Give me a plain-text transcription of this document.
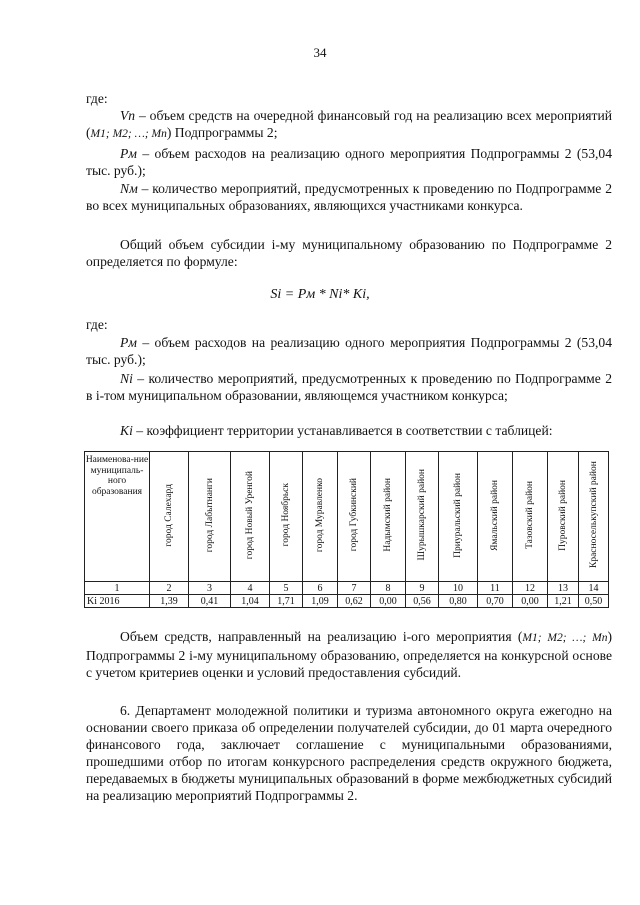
34

где:

Vn – объем средств на очередной финансовый год на реализацию всех мероприятий (M1; M2; …; Mn) Подпрограммы 2;

Pм – объем расходов на реализацию одного мероприятия Подпрограммы 2 (53,04 тыс. руб.);

Nм – количество мероприятий, предусмотренных к проведению по Подпрограмме 2 во всех муниципальных образованиях, являющихся участниками конкурса.

Общий объем субсидии i-му муниципальному образованию по Подпрограмме 2 определяется по формуле:

Si = Pм * Ni* Ki,

где:

Pм – объем расходов на реализацию одного мероприятия Подпрограммы 2 (53,04 тыс. руб.);

Ni – количество мероприятий, предусмотренных к проведению по Подпрограмме 2 в i-том муниципальном образовании, являющемся участником конкурса;

Ki – коэффициент территории устанавливается в соответствии с таблицей:

Наименова-ние муниципаль-ного образования	город Салехард	город Лабытнанги	город Новый Уренгой	город Ноябрьск	город Муравленко	город Губкинский	Надымский район	Шурышкарский район	Приуральский район	Ямальский район	Тазовский район	Пуровский район	Красноселькупский район
1	2	3	4	5	6	7	8	9	10	11	12	13	14
Ki 2016	1,39	0,41	1,04	1,71	1,09	0,62	0,00	0,56	0,80	0,70	0,00	1,21	0,50

Объем средств, направленный на реализацию i-ого мероприятия (M1; M2; …; Mn) Подпрограммы 2 i-му муниципальному образованию, определяется на конкурсной основе с учетом критериев оценки и условий предоставления субсидий.

6. Департамент молодежной политики и туризма автономного округа ежегодно на основании своего приказа об определении получателей субсидии, до 01 марта очередного финансового года, заключает соглашение с муниципальными образованиями, прошедшими отбор по итогам конкурсного распределения средств окружного бюджета, передаваемых в бюджеты муниципальных образований в форме межбюджетных субсидий на реализацию мероприятий Подпрограммы 2.
